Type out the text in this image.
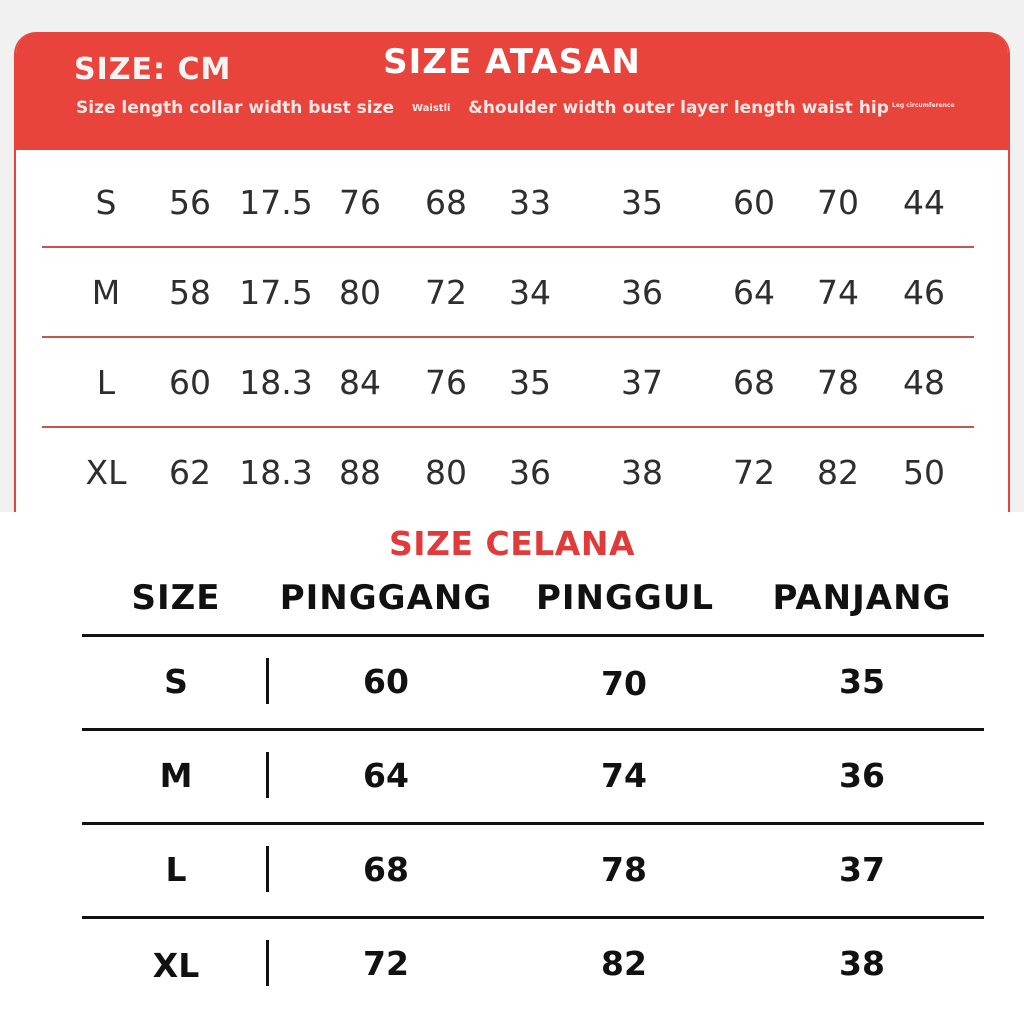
SIZE: CM	SIZE ATASAN
Size length collar width bust size Waistli &houlder width outer layer length waist hip Leg circumference
S	56 17.5 76	68	33	35	60	70	44
M	58 17.5 80	72	34	36	64	74	46
L	60 18.3 84	76	35	37	68	78	48
XL	62 18.3 88	80	36	38	72	82	50
SIZE CELANA
SIZE PINGGANG PINGGUL	PANJANG
S	60	70	35
M	64	74	36
L	68	78	37
XL	72	82	38
